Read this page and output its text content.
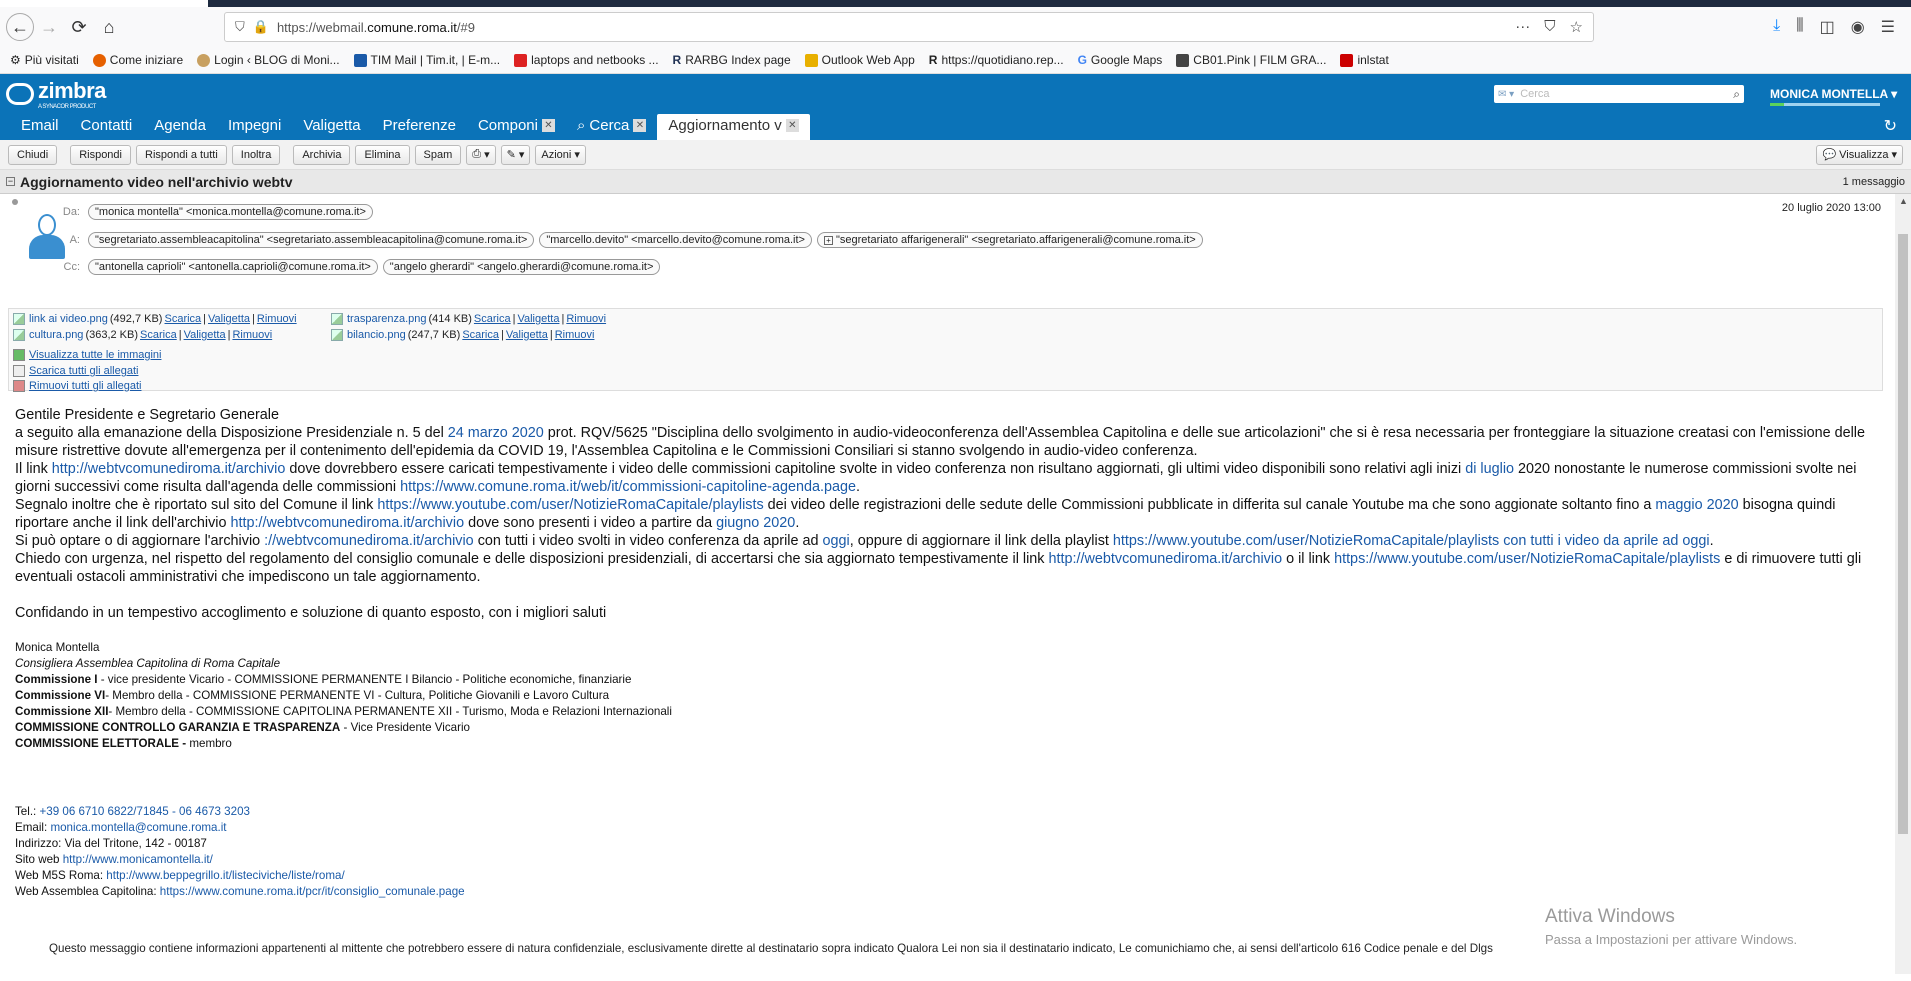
← → ⟳ ⌂	⛉ 🔒 https://webmail. comune.roma.it /#9	··· ⛉ ☆	⤓ ⫼ ◫ ◉ ☰
⚙ Più visitati	Come iniziare	Login ‹ BLOG di Moni...	TIM Mail | Tim.it, | E-m...	laptops and netbooks ... R RARBG Index page	Outlook Web App R https://quotidiano.rep... G Google Maps	CB01.Pink | FILM GRA...	inlstat
zimbra
A SYNACOR PRODUCT
✉ ▾ Cerca	⌕	MONICA MONTELLA ▾
Email Contatti Agenda Impegni Valigetta Preferenze Componi ✕ ⌕ Cerca ✕ Aggiornamento v ✕	↻
Chiudi	Rispondi	Rispondi a tutti	Inoltra	Archivia	Elimina	Spam	⎙ ▾	✎ ▾	Azioni ▾	💬 Visualizza ▾
− Aggiornamento video nell'archivio webtv	1 messaggio
▲
Da:	"monica montella" <monica.montella@comune.roma.it>
A:	"segretariato.assembleacapitolina" <segretariato.assembleacapitolina@comune.roma.it>	"marcello.devito" <marcello.devito@comune.roma.it>	+ "segretariato affarigenerali" <segretariato.affarigenerali@comune.roma.it>
Cc:	"antonella caprioli" <antonella.caprioli@comune.roma.it>	"angelo gherardi" <angelo.gherardi@comune.roma.it>
20 luglio 2020 13:00
link ai video.png (492,7 KB) Scarica | Valigetta | Rimuovi	trasparenza.png (414 KB) Scarica | Valigetta | Rimuovi
cultura.png (363,2 KB) Scarica | Valigetta | Rimuovi	bilancio.png (247,7 KB) Scarica | Valigetta | Rimuovi
Visualizza tutte le immagini
Scarica tutti gli allegati
Rimuovi tutti gli allegati

Gentile Presidente e Segretario Generale

a seguito alla emanazione della Disposizione Presidenziale n. 5 del 24 marzo 2020 prot. RQV/5625 "Disciplina dello svolgimento in audio-videoconferenza dell'Assemblea Capitolina e delle sue articolazioni" che si è resa necessaria per fronteggiare la situazione creatasi con l'emissione delle misure ristrettive dovute all'emergenza per il contenimento dell'epidemia da COVID 19, l'Assemblea Capitolina e le Commissioni Consiliari si stanno svolgendo in audio-video conferenza.

Il link http://webtvcomunediroma.it/archivio dove dovrebbero essere caricati tempestivamente i video delle commissioni capitoline svolte in video conferenza non risultano aggiornati, gli ultimi video disponibili sono relativi agli inizi di luglio 2020 nonostante le numerose commissioni svolte nei giorni successivi come risulta dall'agenda delle commissioni https://www.comune.roma.it/web/it/commissioni-capitoline-agenda.page.

Segnalo inoltre che è riportato sul sito del Comune il link https://www.youtube.com/user/NotizieRomaCapitale/playlists dei video delle registrazioni delle sedute delle Commissioni pubblicate in differita sul canale Youtube ma che sono aggionate soltanto fino a maggio 2020 bisogna quindi riportare anche il link dell'archivio http://webtvcomunediroma.it/archivio dove sono presenti i video a partire da giugno 2020.

Si può optare o di aggiornare l'archivio ://webtvcomunediroma.it/archivio con tutti i video svolti in video conferenza da aprile ad oggi, oppure di aggiornare il link della playlist https://www.youtube.com/user/NotizieRomaCapitale/playlists con tutti i video da aprile ad oggi.

Chiedo con urgenza, nel rispetto del regolamento del consiglio comunale e delle disposizioni presidenziali, di accertarsi che sia aggiornato tempestivamente il link http://webtvcomunediroma.it/archivio o il link https://www.youtube.com/user/NotizieRomaCapitale/playlists e di rimuovere tutti gli eventuali ostacoli amministrativi che impediscono un tale aggiornamento.

Confidando in un tempestivo accoglimento e soluzione di quanto esposto, con i migliori saluti

Monica Montella
Consigliera Assemblea Capitolina di Roma Capitale
Commissione I - vice presidente Vicario - COMMISSIONE PERMANENTE I Bilancio - Politiche economiche, finanziarie
Commissione VI- Membro della - COMMISSIONE PERMANENTE VI - Cultura, Politiche Giovanili e Lavoro Cultura
Commissione XII- Membro della - COMMISSIONE CAPITOLINA PERMANENTE XII - Turismo, Moda e Relazioni Internazionali
COMMISSIONE CONTROLLO GARANZIA E TRASPARENZA - Vice Presidente Vicario
COMMISSIONE ELETTORALE - membro
Tel.: +39 06 6710 6822/71845 - 06 4673 3203
Email: monica.montella@comune.roma.it
Indirizzo: Via del Tritone, 142 - 00187
Sito web http://www.monicamontella.it/
Web M5S Roma: http://www.beppegrillo.it/listeciviche/liste/roma/
Web Assemblea Capitolina: https://www.comune.roma.it/pcr/it/consiglio_comunale.page
Questo messaggio contiene informazioni appartenenti al mittente che potrebbero essere di natura confidenziale, esclusivamente dirette al destinatario sopra indicato Qualora Lei non sia il destinatario indicato, Le comunichiamo che, ai sensi dell'articolo 616 Codice penale e del Dlgs
Attiva Windows
Passa a Impostazioni per attivare Windows.
